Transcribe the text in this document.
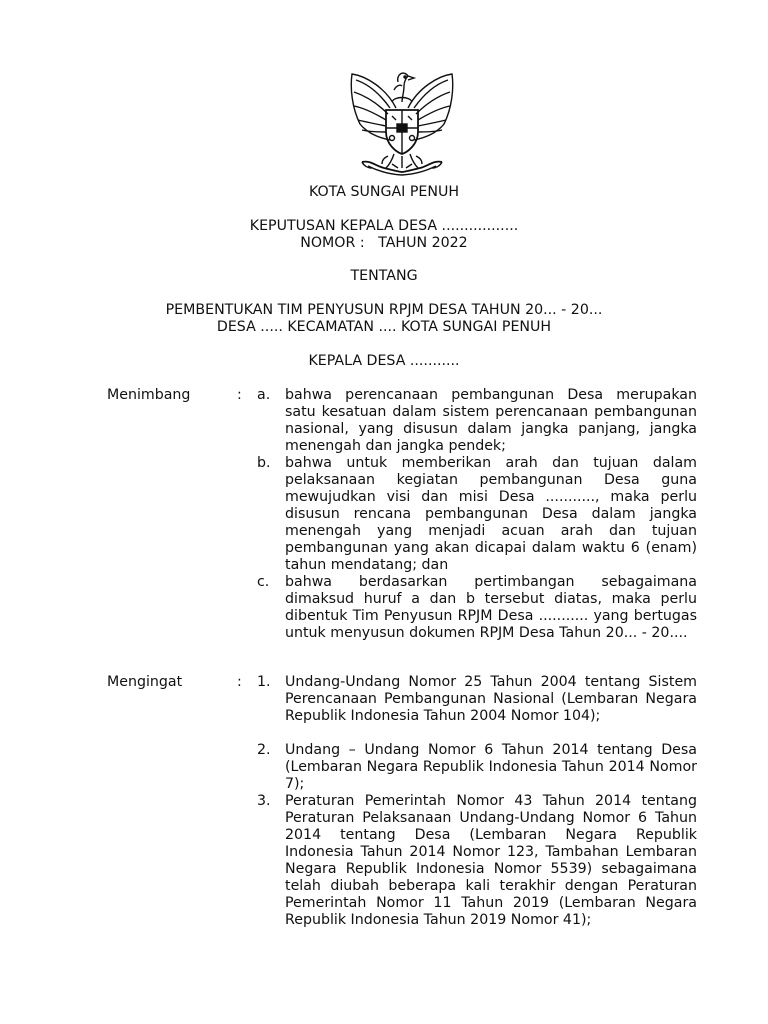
KOTA SUNGAI PENUH
KEPUTUSAN KEPALA DESA .................
NOMOR :   TAHUN 2022
TENTANG
PEMBENTUKAN TIM PENYUSUN RPJM DESA TAHUN 20... - 20...
DESA ..... KECAMATAN .... KOTA SUNGAI PENUH
KEPALA DESA ...........
Menimbang	: a. bahwa perencanaan pembangunan Desa merupakan satu kesatuan dalam sistem perencanaan pembangunan nasional, yang disusun dalam jangka panjang, jangka menengah dan jangka pendek;
b. bahwa untuk memberikan arah dan tujuan dalam pelaksanaan kegiatan pembangunan Desa guna mewujudkan visi dan misi Desa ..........., maka perlu disusun rencana pembangunan Desa dalam jangka menengah yang menjadi acuan arah dan tujuan pembangunan yang akan dicapai dalam waktu 6 (enam) tahun mendatang; dan
c. bahwa berdasarkan pertimbangan sebagaimana dimaksud huruf a dan b tersebut diatas, maka perlu dibentuk Tim Penyusun RPJM Desa ........... yang bertugas untuk menyusun dokumen RPJM Desa Tahun 20... - 20....
Mengingat	: 1. Undang-Undang Nomor 25 Tahun 2004 tentang Sistem Perencanaan Pembangunan Nasional (Lembaran Negara Republik Indonesia Tahun 2004 Nomor 104);
2. Undang – Undang Nomor 6 Tahun 2014 tentang Desa (Lembaran Negara Republik Indonesia Tahun 2014 Nomor 7);
3. Peraturan Pemerintah Nomor 43 Tahun 2014 tentang Peraturan Pelaksanaan Undang-Undang Nomor 6 Tahun 2014 tentang Desa (Lembaran Negara Republik Indonesia Tahun 2014 Nomor 123, Tambahan Lembaran Negara Republik Indonesia Nomor 5539) sebagaimana telah diubah beberapa kali terakhir dengan Peraturan Pemerintah Nomor 11 Tahun 2019 (Lembaran Negara Republik Indonesia Tahun 2019 Nomor 41);
